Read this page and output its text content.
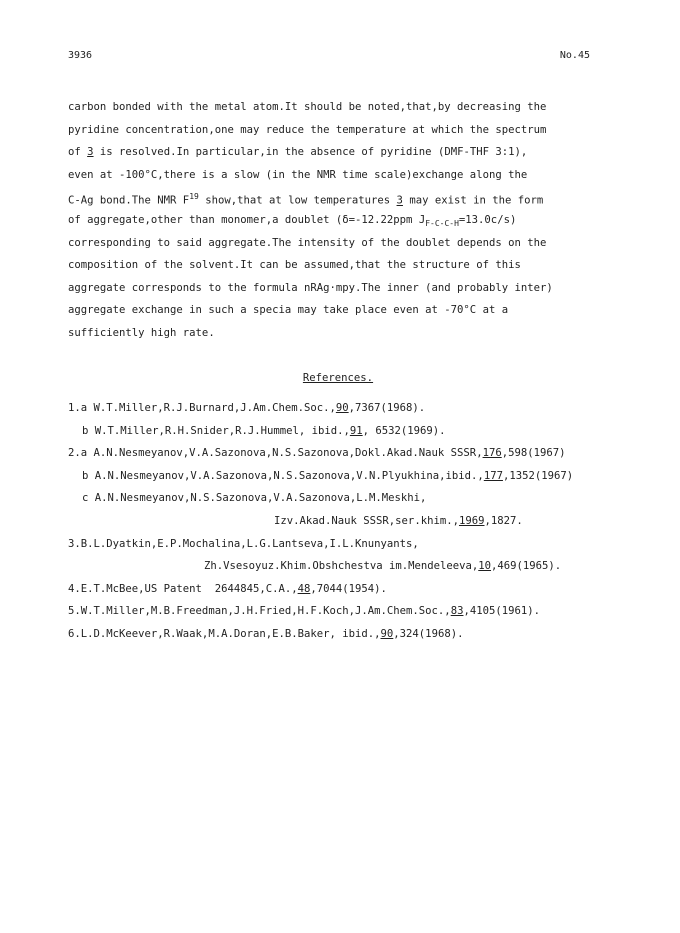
3936	No.45
carbon bonded with the metal atom.It should be noted,that,by decreasing the
pyridine concentration,one may reduce the temperature at which the spectrum
of 3 is resolved.In particular,in the absence of pyridine (DMF-THF 3:1),
even at -100°C,there is a slow (in the NMR time scale)exchange along the
C-Ag bond.The NMR $F^{19}$ show,that at low temperatures 3 may exist in the form
of aggregate,other than monomer,a doublet (δ=-12.22ppm $J_{F-C-C-H}=13.0c/s$)
corresponding to said aggregate.The intensity of the doublet depends on the
composition of the solvent.It can be assumed,that the structure of this
aggregate corresponds to the formula nRAg·mpy.The inner (and probably inter)
aggregate exchange in such a specia may take place even at -70°C at a
sufficiently high rate.
References.
1.a W.T.Miller,R.J.Burnard,J.Am.Chem.Soc.,90,7367(1968).
b W.T.Miller,R.H.Snider,R.J.Hummel, ibid.,91, 6532(1969).
2.a A.N.Nesmeyanov,V.A.Sazonova,N.S.Sazonova,Dokl.Akad.Nauk SSSR,176,598(1967)
b A.N.Nesmeyanov,V.A.Sazonova,N.S.Sazonova,V.N.Plyukhina,ibid.,177,1352(1967)
c A.N.Nesmeyanov,N.S.Sazonova,V.A.Sazonova,L.M.Meskhi,
Izv.Akad.Nauk SSSR,ser.khim.,1969,1827.
3.B.L.Dyatkin,E.P.Mochalina,L.G.Lantseva,I.L.Knunyants,
Zh.Vsesoyuz.Khim.Obshchestva im.Mendeleeva,10,469(1965).
4.E.T.McBee,US Patent  2644845,C.A.,48,7044(1954).
5.W.T.Miller,M.B.Freedman,J.H.Fried,H.F.Koch,J.Am.Chem.Soc.,83,4105(1961).
6.L.D.McKeever,R.Waak,M.A.Doran,E.B.Baker, ibid.,90,324(1968).
